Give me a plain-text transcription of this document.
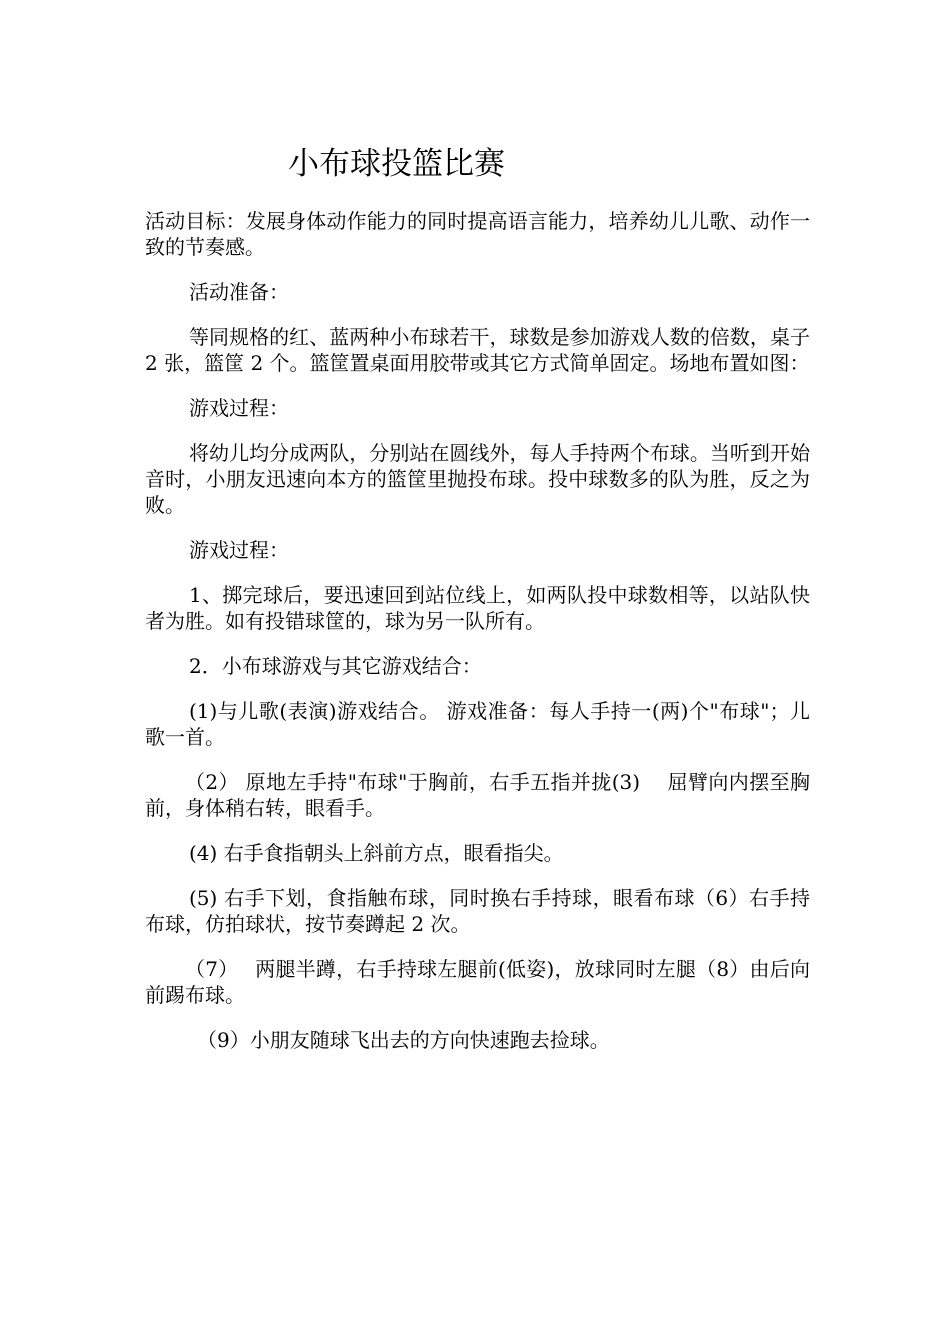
小布球投篮比赛

活动目标：发展身体动作能力的同时提高语言能力，培养幼儿儿歌、动作一致的节奏感。

活动准备：

等同规格的红、蓝两种小布球若干，球数是参加游戏人数的倍数，桌子 2 张，篮筐 2 个。篮筐置桌面用胶带或其它方式简单固定。场地布置如图：

游戏过程：

将幼儿均分成两队，分别站在圆线外，每人手持两个布球。当听到开始音时，小朋友迅速向本方的篮筐里抛投布球。投中球数多的队为胜，反之为败。

游戏过程：

1、掷完球后，要迅速回到站位线上，如两队投中球数相等，以站队快者为胜。如有投错球筐的，球为另一队所有。

2．小布球游戏与其它游戏结合：

(1)与儿歌(表演)游戏结合。 游戏准备：每人手持一(两)个"布球"；儿歌一首。

（2） 原地左手持"布球"于胸前，右手五指并拢(3)　 屈臂向内摆至胸前，身体稍右转，眼看手。

(4) 右手食指朝头上斜前方点，眼看指尖。

(5) 右手下划，食指触布球，同时换右手持球，眼看布球（6）右手持布球，仿拍球状，按节奏蹲起 2 次。

（7）　 两腿半蹲，右手持球左腿前(低姿)，放球同时左腿（8）由后向前踢布球。

（9）小朋友随球飞出去的方向快速跑去捡球。
